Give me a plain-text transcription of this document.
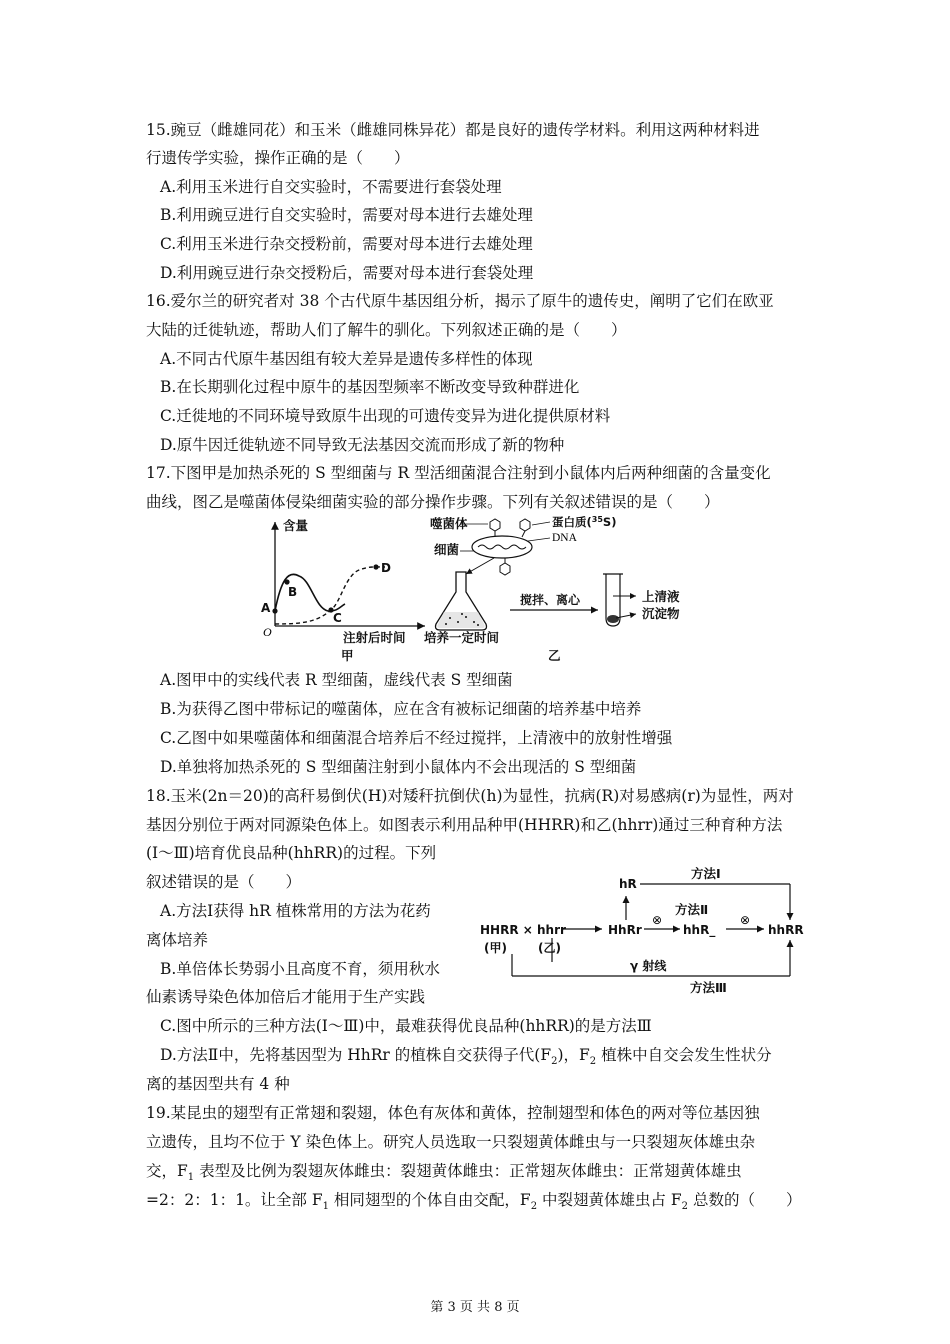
15.豌豆（雌雄同花）和玉米（雌雄同株异花）都是良好的遗传学材料。利用这两种材料进
行遗传学实验，操作正确的是（　　）
A.利用玉米进行自交实验时，不需要进行套袋处理
B.利用豌豆进行自交实验时，需要对母本进行去雄处理
C.利用玉米进行杂交授粉前，需要对母本进行去雄处理
D.利用豌豆进行杂交授粉后，需要对母本进行套袋处理
16.爱尔兰的研究者对 38 个古代原牛基因组分析，揭示了原牛的遗传史，阐明了它们在欧亚
大陆的迁徙轨迹，帮助人们了解牛的驯化。下列叙述正确的是（　　）
A.不同古代原牛基因组有较大差异是遗传多样性的体现
B.在长期驯化过程中原牛的基因型频率不断改变导致种群进化
C.迁徙地的不同环境导致原牛出现的可遗传变异为进化提供原材料
D.原牛因迁徙轨迹不同导致无法基因交流而形成了新的物种
17.下图甲是加热杀死的 S 型细菌与 R 型活细菌混合注射到小鼠体内后两种细菌的含量变化
曲线，图乙是噬菌体侵染细菌实验的部分操作步骤。下列有关叙述错误的是（　　）
含量
A
B
C
D
O	注射后时间
甲
噬菌体	蛋白质($^{35}$S)
DNA
细菌
培养一定时间
搅拌、离心	上清液
沉淀物
乙
A.图甲中的实线代表 R 型细菌，虚线代表 S 型细菌
B.为获得乙图中带标记的噬菌体，应在含有被标记细菌的培养基中培养
C.乙图中如果噬菌体和细菌混合培养后不经过搅拌，上清液中的放射性增强
D.单独将加热杀死的 S 型细菌注射到小鼠体内不会出现活的 S 型细菌
18.玉米(2n＝20)的高秆易倒伏(H)对矮秆抗倒伏(h)为显性，抗病(R)对易感病(r)为显性，两对
基因分别位于两对同源染色体上。如图表示利用品种甲(HHRR)和乙(hhrr)通过三种育种方法
(Ⅰ～Ⅲ)培育优良品种(hhRR)的过程。下列
叙述错误的是（　　）
A.方法Ⅰ获得 hR 植株常用的方法为花药
离体培养
B.单倍体长势弱小且高度不育，须用秋水
仙素诱导染色体加倍后才能用于生产实践
C.图中所示的三种方法(Ⅰ～Ⅲ)中，最难获得优良品种(hhRR)的是方法Ⅲ
D.方法Ⅱ中，先将基因型为 HhRr 的植株自交获得子代$(F_2)$，$F_2$ 植株中自交会发生性状分
离的基因型共有 4 种
方法Ⅰ
hR
方法Ⅱ
HHRR × hhrr	HhRr
⊗
hhR_
⊗
hhRR
(甲)	(乙)
γ 射线
方法Ⅲ
19.某昆虫的翅型有正常翅和裂翅，体色有灰体和黄体，控制翅型和体色的两对等位基因独
立遗传，且均不位于 Y 染色体上。研究人员选取一只裂翅黄体雌虫与一只裂翅灰体雄虫杂
交，$F_1$ 表型及比例为裂翅灰体雌虫：裂翅黄体雌虫：正常翅灰体雌虫：正常翅黄体雄虫
=2：2：1：1。让全部 $F_1$ 相同翅型的个体自由交配，$F_2$ 中裂翅黄体雄虫占 $F_2$ 总数的（　　）
第 3 页 共 8 页
